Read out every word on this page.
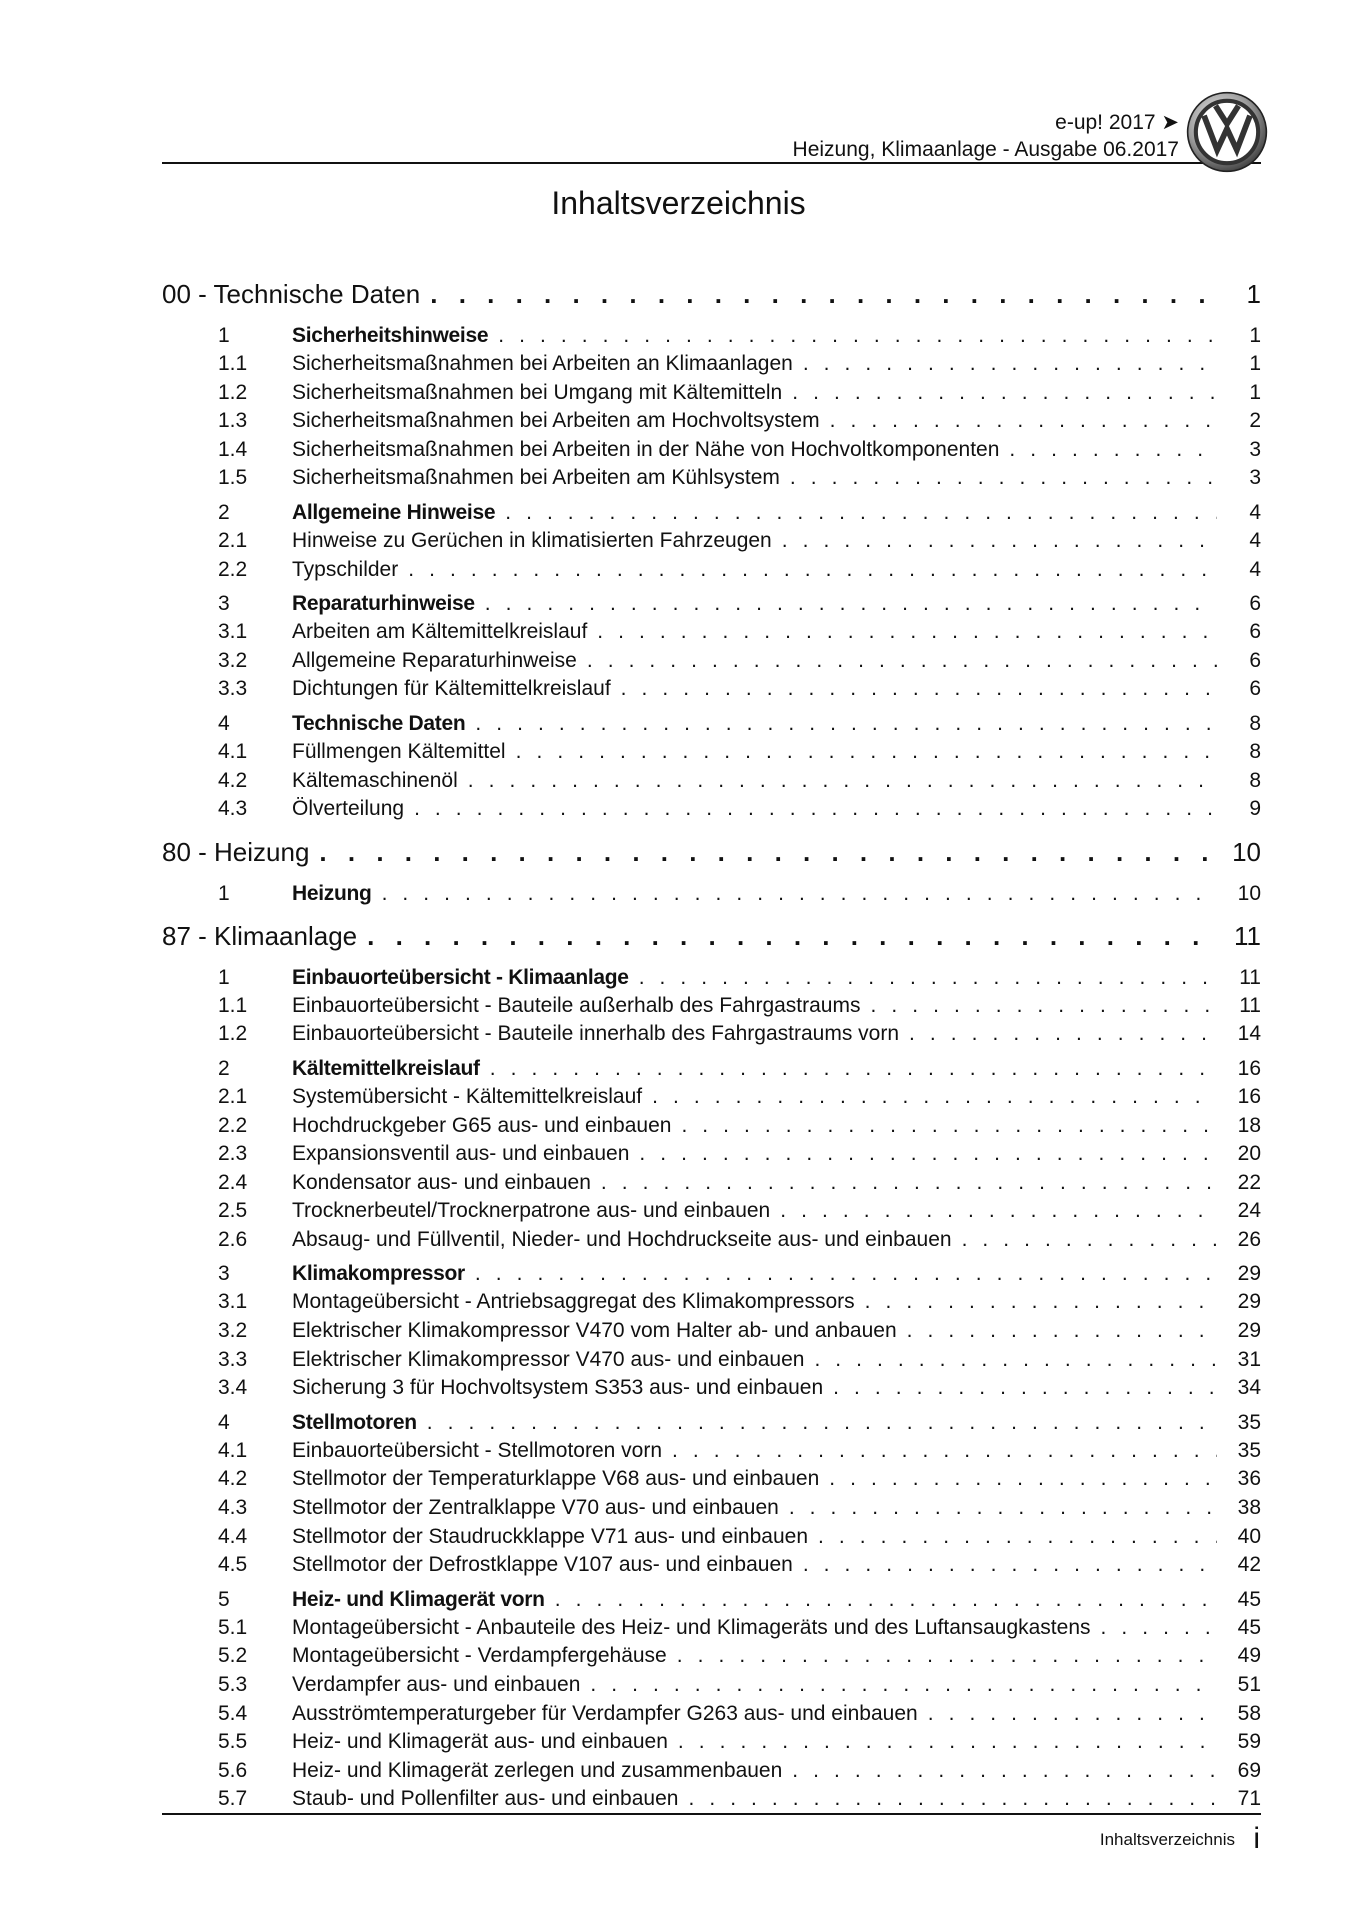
e-up! 2017 ➤
Heizung, Klimaanlage - Ausgabe 06.2017
Inhaltsverzeichnis
00 - Technische Daten . . .	1
1	Sicherheitshinweise . . .	1
1.1	Sicherheitsmaßnahmen bei Arbeiten an Klimaanlagen . . .	1
1.2	Sicherheitsmaßnahmen bei Umgang mit Kältemitteln . . .	1
1.3	Sicherheitsmaßnahmen bei Arbeiten am Hochvoltsystem . . .	2
1.4	Sicherheitsmaßnahmen bei Arbeiten in der Nähe von Hochvoltkomponenten . . .	3
1.5	Sicherheitsmaßnahmen bei Arbeiten am Kühlsystem . . .	3
2	Allgemeine Hinweise . . .	4
2.1	Hinweise zu Gerüchen in klimatisierten Fahrzeugen . . .	4
2.2	Typschilder . . .	4
3	Reparaturhinweise . . .	6
3.1	Arbeiten am Kältemittelkreislauf . . .	6
3.2	Allgemeine Reparaturhinweise . . .	6
3.3	Dichtungen für Kältemittelkreislauf . . .	6
4	Technische Daten . . .	8
4.1	Füllmengen Kältemittel . . .	8
4.2	Kältemaschinenöl . . .	8
4.3	Ölverteilung . . .	9
80 - Heizung . . .	10
1	Heizung . . .	10
87 - Klimaanlage . . .	11
1	Einbauorteübersicht - Klimaanlage . . .	11
1.1	Einbauorteübersicht - Bauteile außerhalb des Fahrgastraums . . .	11
1.2	Einbauorteübersicht - Bauteile innerhalb des Fahrgastraums vorn . . .	14
2	Kältemittelkreislauf . . .	16
2.1	Systemübersicht - Kältemittelkreislauf . . .	16
2.2	Hochdruckgeber G65 aus- und einbauen . . .	18
2.3	Expansionsventil aus- und einbauen . . .	20
2.4	Kondensator aus- und einbauen . . .	22
2.5	Trocknerbeutel/Trocknerpatrone aus- und einbauen . . .	24
2.6	Absaug- und Füllventil, Nieder- und Hochdruckseite aus- und einbauen . . .	26
3	Klimakompressor . . .	29
3.1	Montageübersicht - Antriebsaggregat des Klimakompressors . . .	29
3.2	Elektrischer Klimakompressor V470 vom Halter ab- und anbauen . . .	29
3.3	Elektrischer Klimakompressor V470 aus- und einbauen . . .	31
3.4	Sicherung 3 für Hochvoltsystem S353 aus- und einbauen . . .	34
4	Stellmotoren . . .	35
4.1	Einbauorteübersicht - Stellmotoren vorn . . .	35
4.2	Stellmotor der Temperaturklappe V68 aus- und einbauen . . .	36
4.3	Stellmotor der Zentralklappe V70 aus- und einbauen . . .	38
4.4	Stellmotor der Staudruckklappe V71 aus- und einbauen . . .	40
4.5	Stellmotor der Defrostklappe V107 aus- und einbauen . . .	42
5	Heiz- und Klimagerät vorn . . .	45
5.1	Montageübersicht - Anbauteile des Heiz- und Klimageräts und des Luftansaugkastens . . .	45
5.2	Montageübersicht - Verdampfergehäuse . . .	49
5.3	Verdampfer aus- und einbauen . . .	51
5.4	Ausströmtemperaturgeber für Verdampfer G263 aus- und einbauen . . .	58
5.5	Heiz- und Klimagerät aus- und einbauen . . .	59
5.6	Heiz- und Klimagerät zerlegen und zusammenbauen . . .	69
5.7	Staub- und Pollenfilter aus- und einbauen . . .	71
Inhaltsverzeichnis i
